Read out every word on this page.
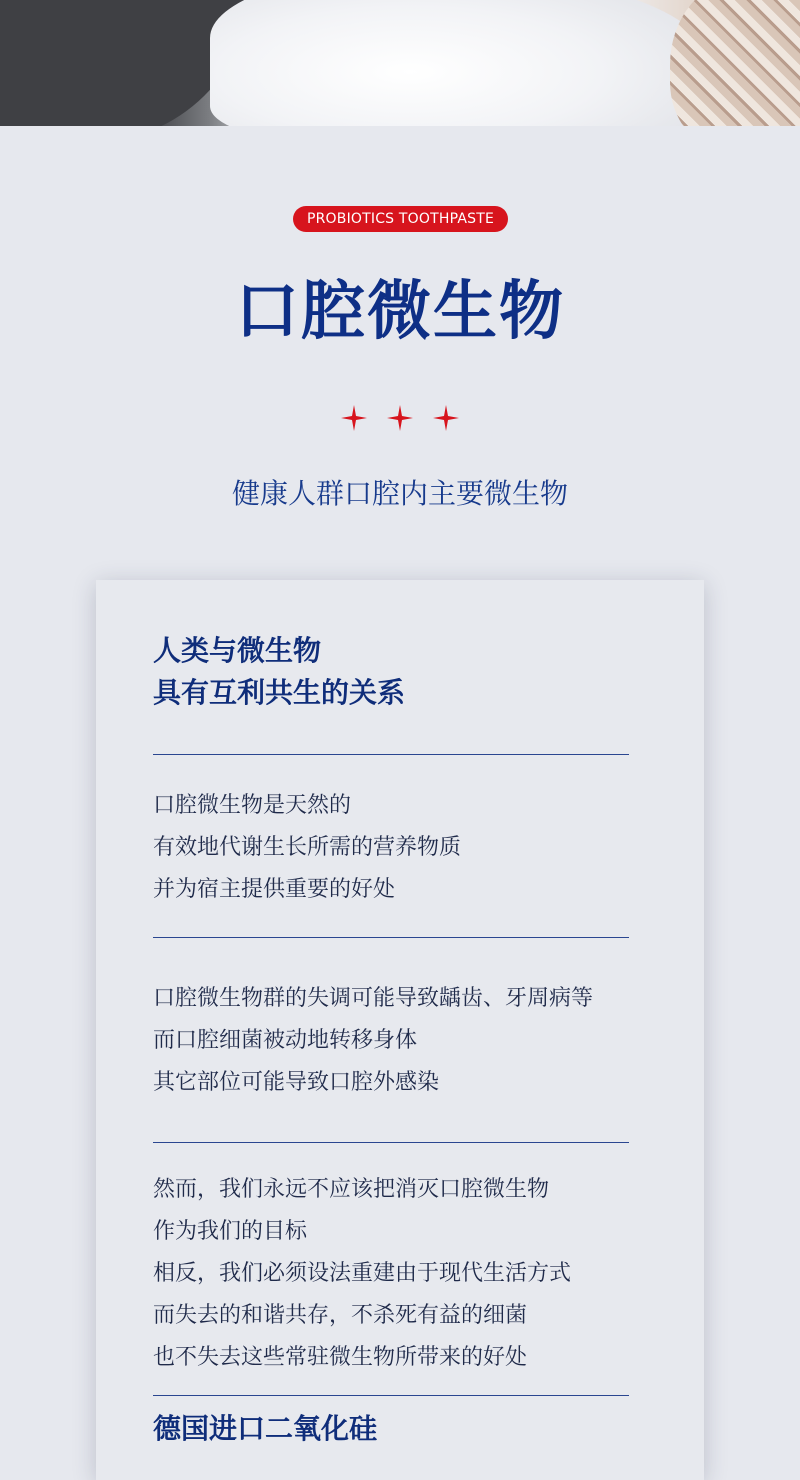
PROBIOTICS TOOTHPASTE
口腔微生物
健康人群口腔内主要微生物
人类与微生物
具有互利共生的关系
口腔微生物是天然的
有效地代谢生长所需的营养物质
并为宿主提供重要的好处
口腔微生物群的失调可能导致龋齿、牙周病等
而口腔细菌被动地转移身体
其它部位可能导致口腔外感染
然而，我们永远不应该把消灭口腔微生物
作为我们的目标
相反，我们必须设法重建由于现代生活方式
而失去的和谐共存，不杀死有益的细菌
也不失去这些常驻微生物所带来的好处
德国进口二氧化硅
